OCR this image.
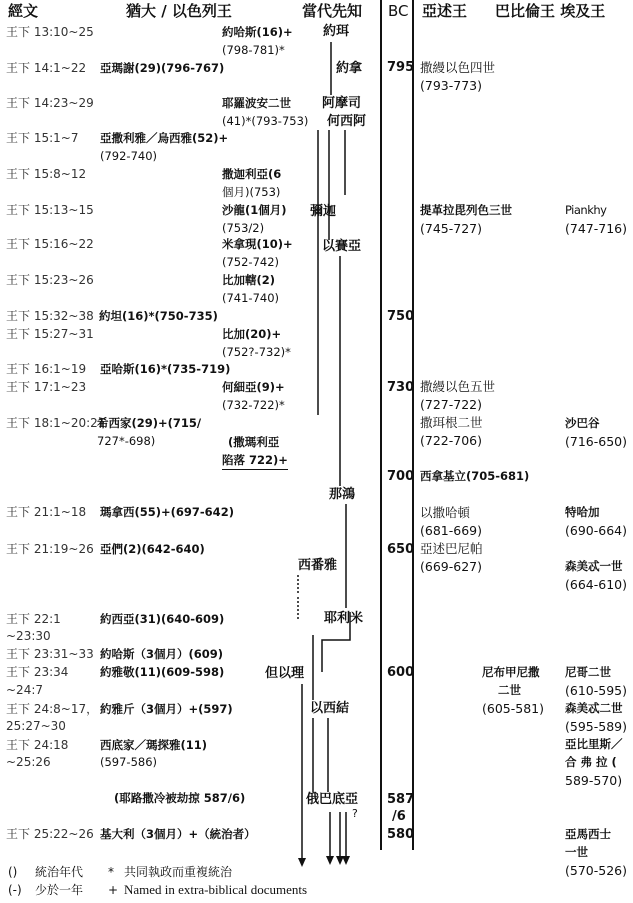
經文	猶大 / 以色列王	當代先知 BC 亞述王 巴比倫王 埃及王
王下 13:10~25
王下 14:1~22
王下 14:23~29
王下 15:1~7
王下 15:8~12
王下 15:13~15
王下 15:16~22
王下 15:23~26
王下 15:32~38
王下 15:27~31
王下 16:1~19
王下 17:1~23
王下 18:1~20:21
王下 21:1~18
王下 21:19~26
王下 22:1
~23:30
王下 23:31~33
王下 23:34
~24:7
王下 24:8~17，
25:27~30
王下 24:18
~25:26
王下 25:22~26
亞瑪謝(29)(796-767)
亞撒利雅／烏西雅(52)+
(792-740)
約坦(16)*(750-735)
亞哈斯(16)*(735-719)
希西家(29)+(715/
727*-698)
瑪拿西(55)+(697-642)
亞們(2)(642-640)
約西亞(31)(640-609)
約哈斯（3個月）(609)
約雅敬(11)(609-598)
約雅斤（3個月）+(597)
西底家／瑪探雅(11)
(597-586)
(耶路撒冷被劫掠 587/6)
基大利（3個月）+（統治者）
約哈斯(16)+
(798-781)*
耶羅波安二世
(41)*(793-753)
撒迦利亞(6
個月)(753)
沙龍(1個月)
(753/2)
米拿現(10)+
(752-742)
比加轄(2)
(741-740)
比加(20)+
(752?-732)*
何細亞(9)+
(732-722)*
(撒瑪利亞
陷落 722)+
約珥
約拿
阿摩司
何西阿
彌迦
以賽亞
那鴻
西番雅
耶利米
但以理
以西結
俄巴底亞
?
795
750
730
700
650
600
587
/6
580
撒縵以色四世
(793-773)
提革拉毘列色三世
(745-727)
撒縵以色五世
(727-722)
撒珥根二世
(722-706)
西拿基立(705-681)
以撒哈頓
(681-669)
亞述巴尼帕
(669-627)
尼布甲尼撒
二世
(605-581)
Piankhy
(747-716)
沙巴谷
(716-650)
特哈加
(690-664)
森美忒一世
(664-610)
尼哥二世
(610-595)
森美忒二世
(595-589)
亞比里斯／
合 弗 拉 (
589-570)
亞馬西士
一世
(570-526)
() 統治年代 * 共同執政而重複統治
(-) 少於一年 + Named in extra-biblical documents
